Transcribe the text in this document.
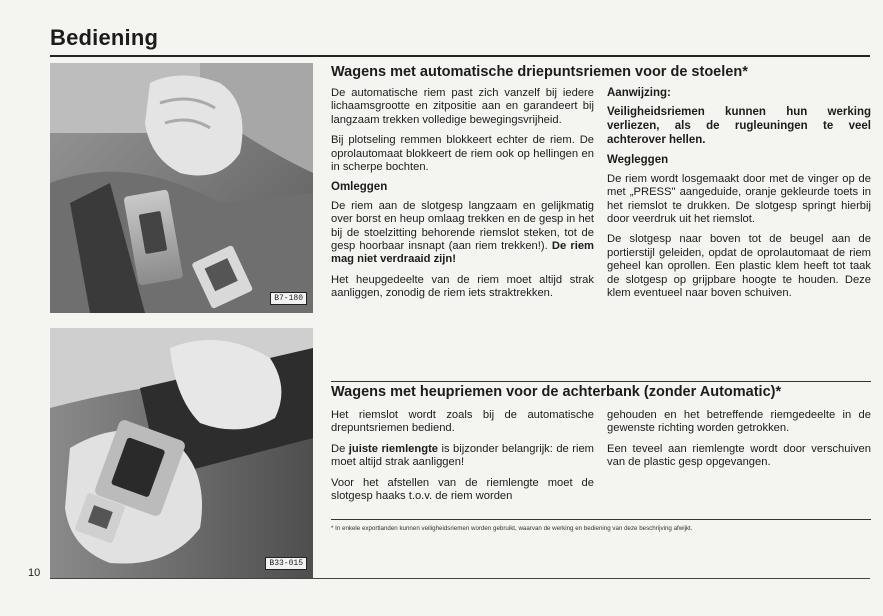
Bediening
B7-180
B33-015
Wagens met automatische driepuntsriemen voor de stoelen*

De automatische riem past zich vanzelf bij iedere lichaamsgrootte en zitpositie aan en garandeert bij langzaam trekken volledige bewegingsvrijheid.

Bij plotseling remmen blokkeert echter de riem. De oprolautomaat blokkeert de riem ook op hellingen en in scherpe bochten.

Omleggen

De riem aan de slotgesp langzaam en gelijkmatig over borst en heup omlaag trekken en de gesp in het bij de stoelzitting behorende riemslot steken, tot de gesp hoorbaar insnapt (aan riem trekken!). De riem mag niet verdraaid zijn!

Het heupgedeelte van de riem moet altijd strak aanliggen, zonodig de riem iets straktrekken.

Aanwijzing:

Veiligheidsriemen kunnen hun werking verliezen, als de rugleuningen te veel achterover hellen.

Wegleggen

De riem wordt losgemaakt door met de vinger op de met „PRESS" aangeduide, oranje gekleurde toets in het riemslot te drukken. De slotgesp springt hierbij door veerdruk uit het riemslot.

De slotgesp naar boven tot de beugel aan de portierstijl geleiden, opdat de oprolautomaat de riem geheel kan oprollen. Een plastic klem heeft tot taak de slotgesp op grijpbare hoogte te houden. Deze klem eventueel naar boven schuiven.

Wagens met heupriemen voor de achterbank (zonder Automatic)*

Het riemslot wordt zoals bij de automatische drepuntsriemen bediend.

De juiste riemlengte is bijzonder belangrijk: de riem moet altijd strak aanliggen!

Voor het afstellen van de riemlengte moet de slotgesp haaks t.o.v. de riem worden

gehouden en het betreffende riemgedeelte in de gewenste richting worden getrokken.

Een teveel aan riemlengte wordt door verschuiven van de plastic gesp opgevangen.

* In enkele exportlanden kunnen veiligheidsriemen worden gebruikt, waarvan de werking en bediening van deze beschrijving afwijkt.
10
